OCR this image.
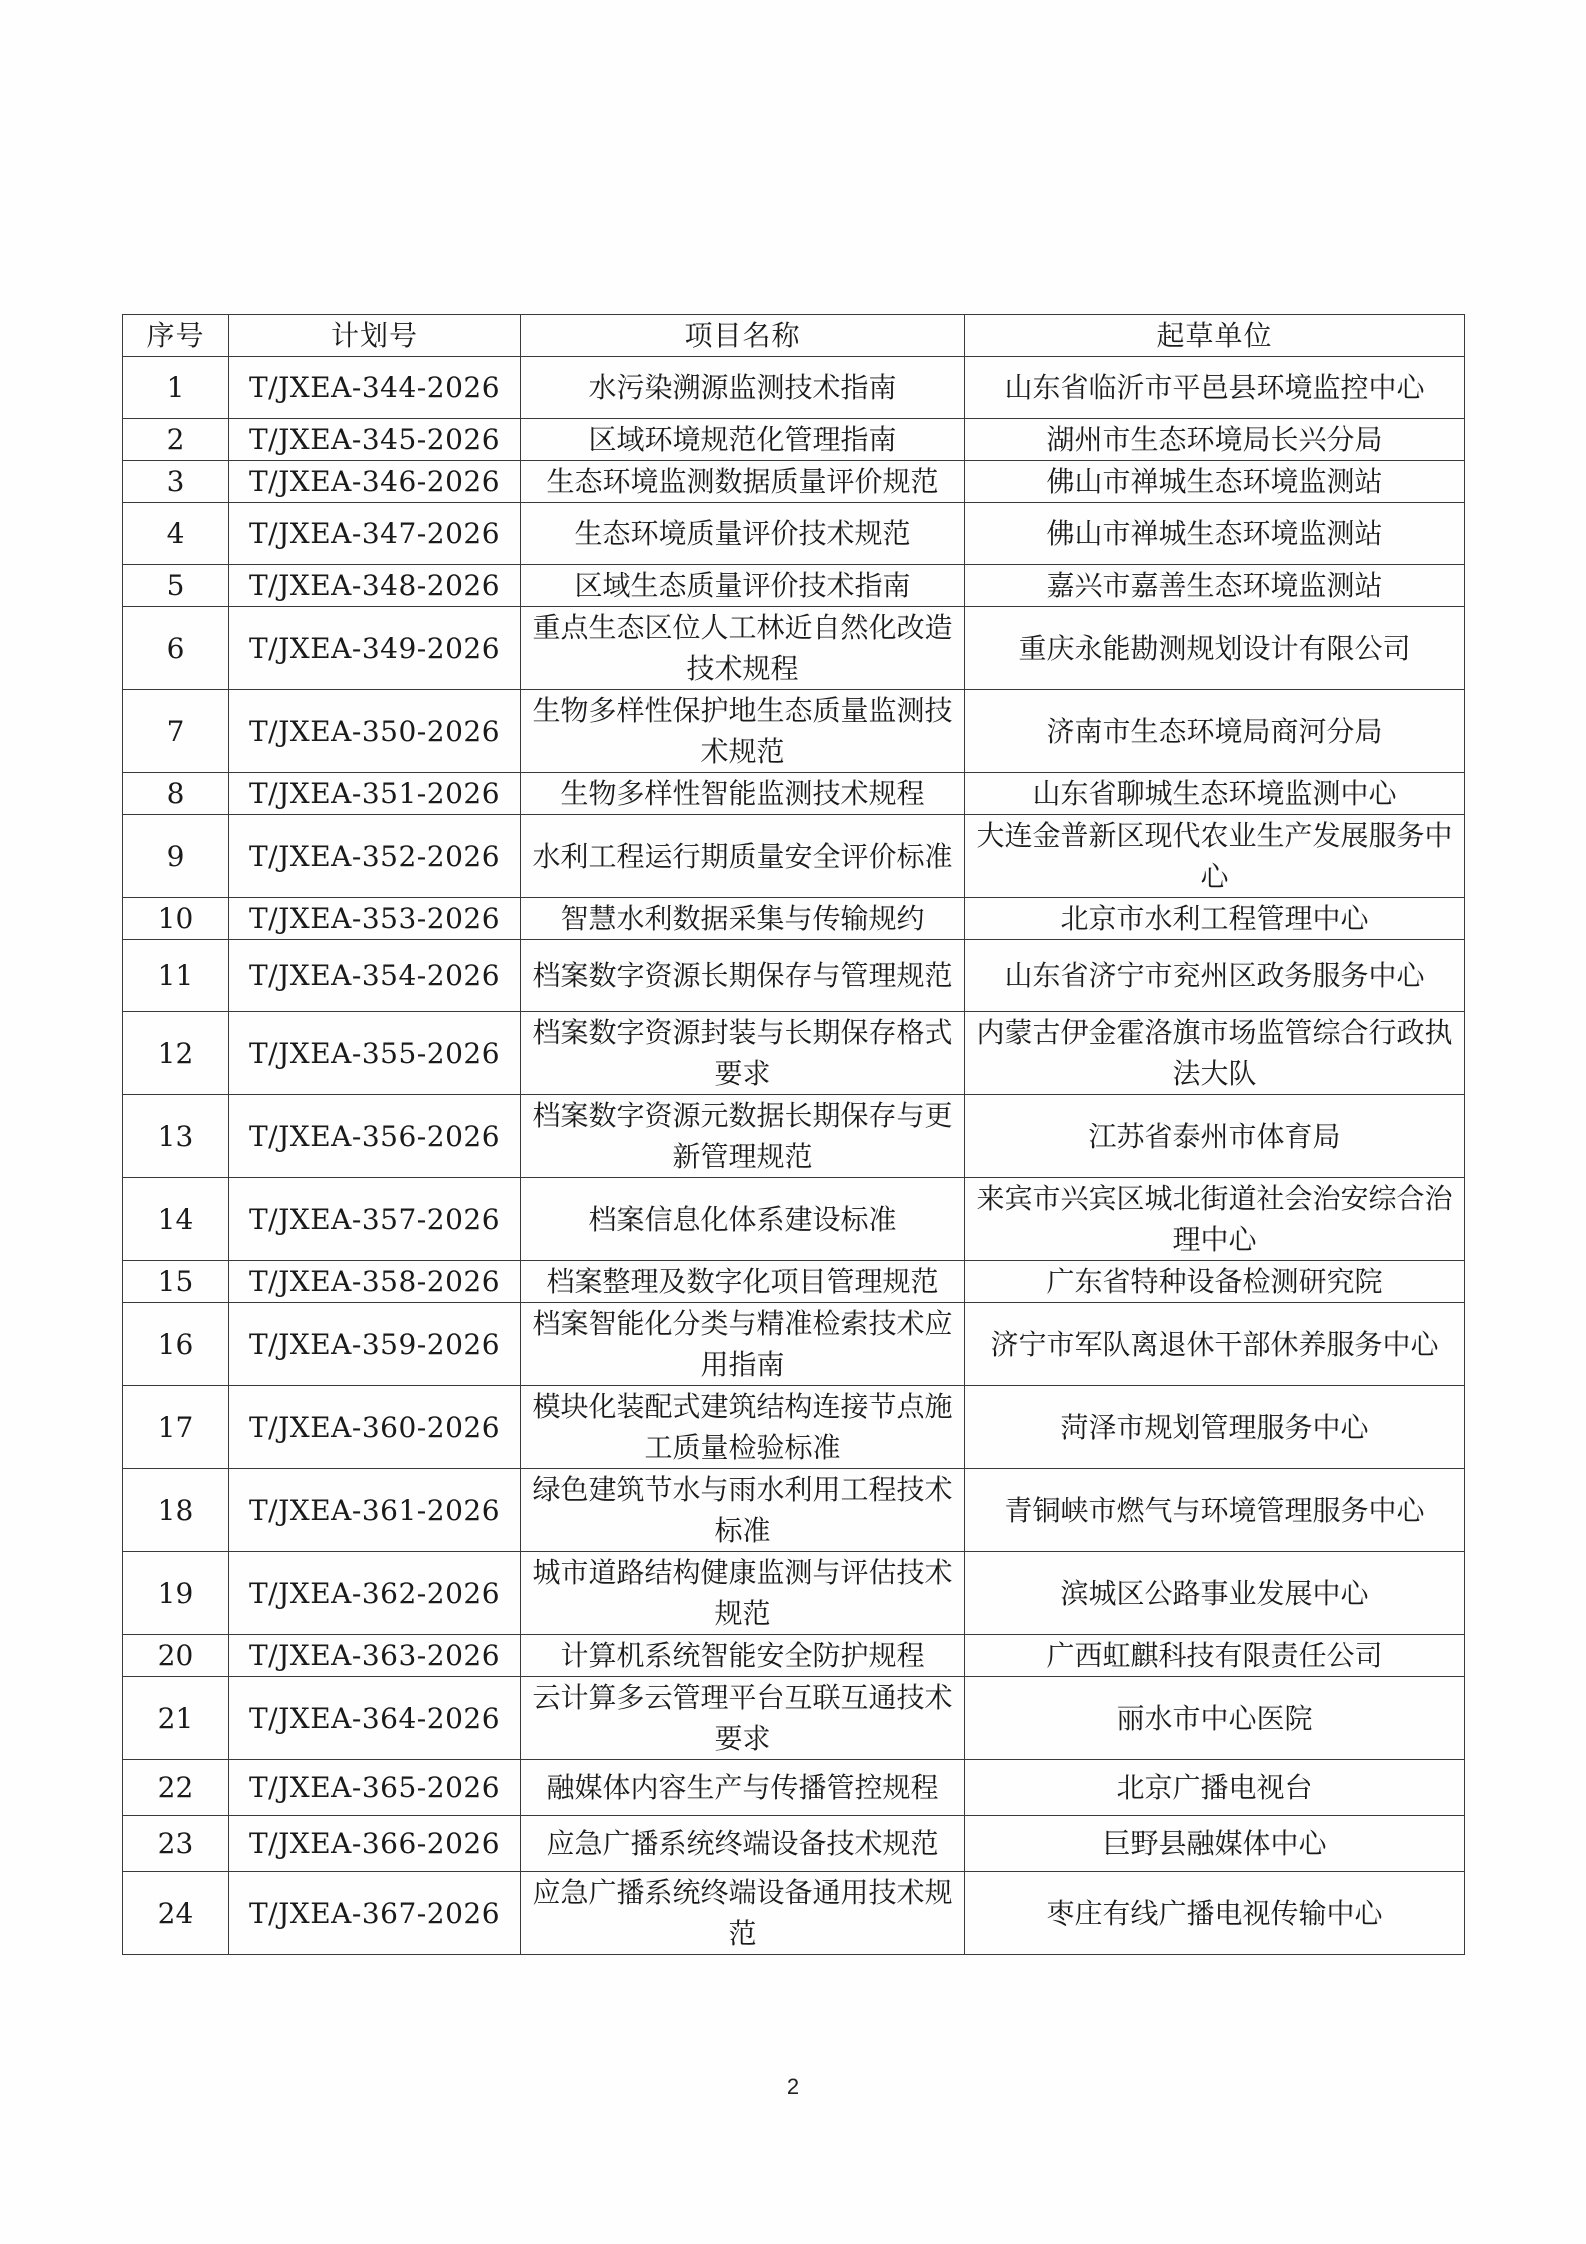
序号	计划号	项目名称	起草单位
1	T/JXEA-344-2026	水污染溯源监测技术指南	山东省临沂市平邑县环境监控中心
2	T/JXEA-345-2026	区域环境规范化管理指南	湖州市生态环境局长兴分局
3	T/JXEA-346-2026	生态环境监测数据质量评价规范	佛山市禅城生态环境监测站
4	T/JXEA-347-2026	生态环境质量评价技术规范	佛山市禅城生态环境监测站
5	T/JXEA-348-2026	区域生态质量评价技术指南	嘉兴市嘉善生态环境监测站
6	T/JXEA-349-2026	重点生态区位人工林近自然化改造技术规程	重庆永能勘测规划设计有限公司
7	T/JXEA-350-2026	生物多样性保护地生态质量监测技术规范	济南市生态环境局商河分局
8	T/JXEA-351-2026	生物多样性智能监测技术规程	山东省聊城生态环境监测中心
9	T/JXEA-352-2026	水利工程运行期质量安全评价标准	大连金普新区现代农业生产发展服务中心
10	T/JXEA-353-2026	智慧水利数据采集与传输规约	北京市水利工程管理中心
11	T/JXEA-354-2026	档案数字资源长期保存与管理规范	山东省济宁市兖州区政务服务中心
12	T/JXEA-355-2026	档案数字资源封装与长期保存格式要求	内蒙古伊金霍洛旗市场监管综合行政执法大队
13	T/JXEA-356-2026	档案数字资源元数据长期保存与更新管理规范	江苏省泰州市体育局
14	T/JXEA-357-2026	档案信息化体系建设标准	来宾市兴宾区城北街道社会治安综合治理中心
15	T/JXEA-358-2026	档案整理及数字化项目管理规范	广东省特种设备检测研究院
16	T/JXEA-359-2026	档案智能化分类与精准检索技术应用指南	济宁市军队离退休干部休养服务中心
17	T/JXEA-360-2026	模块化装配式建筑结构连接节点施工质量检验标准	菏泽市规划管理服务中心
18	T/JXEA-361-2026	绿色建筑节水与雨水利用工程技术标准	青铜峡市燃气与环境管理服务中心
19	T/JXEA-362-2026	城市道路结构健康监测与评估技术规范	滨城区公路事业发展中心
20	T/JXEA-363-2026	计算机系统智能安全防护规程	广西虹麒科技有限责任公司
21	T/JXEA-364-2026	云计算多云管理平台互联互通技术要求	丽水市中心医院
22	T/JXEA-365-2026	融媒体内容生产与传播管控规程	北京广播电视台
23	T/JXEA-366-2026	应急广播系统终端设备技术规范	巨野县融媒体中心
24	T/JXEA-367-2026	应急广播系统终端设备通用技术规范	枣庄有线广播电视传输中心
2
